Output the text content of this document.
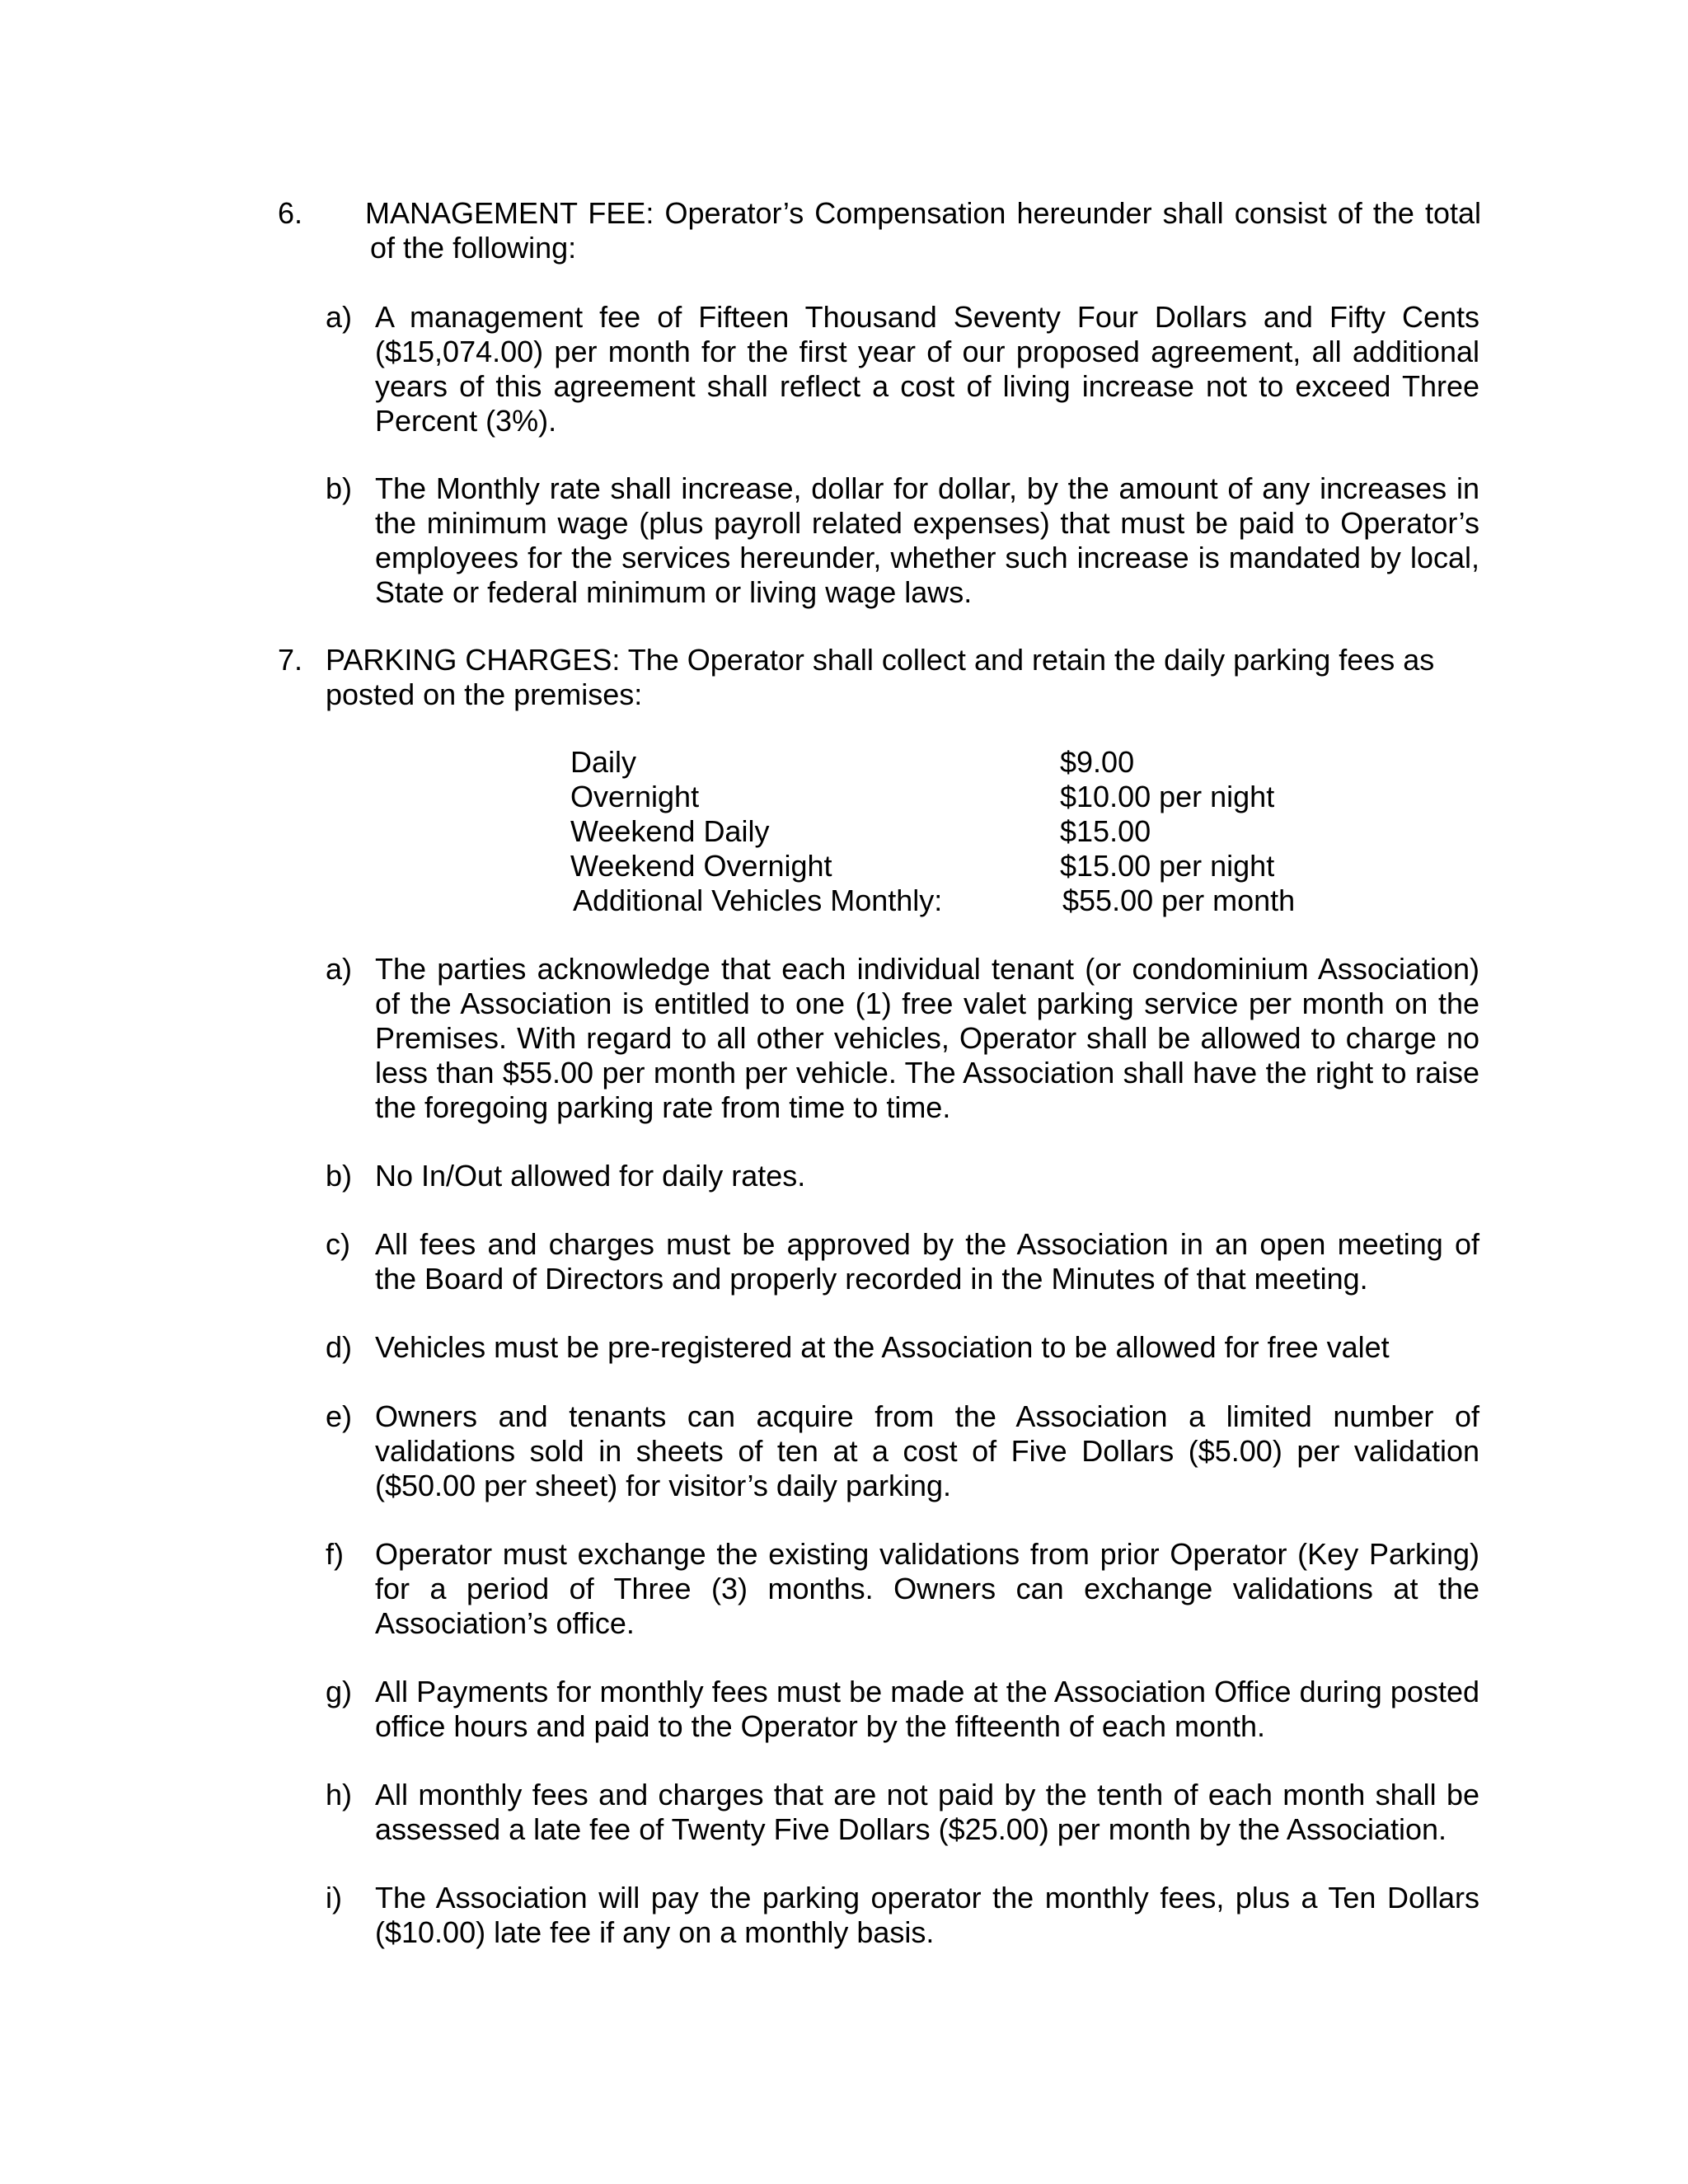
6. MANAGEMENT FEE: Operator’s Compensation hereunder shall consist of the total of the following:
a) A management fee of Fifteen Thousand Seventy Four Dollars and Fifty Cents ($15,074.00) per month for the first year of our proposed agreement, all additional years of this agreement shall reflect a cost of living increase not to exceed Three Percent (3%).
b) The Monthly rate shall increase, dollar for dollar, by the amount of any increases in the minimum wage (plus payroll related expenses) that must be paid to Operator’s employees for the services hereunder, whether such increase is mandated by local, State or federal minimum or living wage laws.
7. PARKING CHARGES: The Operator shall collect and retain the daily parking fees as posted on the premises:
Daily	$9.00
Overnight	$10.00 per night
Weekend Daily	$15.00
Weekend Overnight	$15.00 per night
Additional Vehicles Monthly:	$55.00 per month
a) The parties acknowledge that each individual tenant (or condominium Association) of the Association is entitled to one (1) free valet parking service per month on the Premises. With regard to all other vehicles, Operator shall be allowed to charge no less than $55.00 per month per vehicle. The Association shall have the right to raise the foregoing parking rate from time to time.
b) No In/Out allowed for daily rates.
c) All fees and charges must be approved by the Association in an open meeting of the Board of Directors and properly recorded in the Minutes of that meeting.
d) Vehicles must be pre-registered at the Association to be allowed for free valet
e) Owners and tenants can acquire from the Association a limited number of validations sold in sheets of ten at a cost of Five Dollars ($5.00) per validation ($50.00 per sheet) for visitor’s daily parking.
f) Operator must exchange the existing validations from prior Operator (Key Parking) for a period of Three (3) months. Owners can exchange validations at the Association’s office.
g) All Payments for monthly fees must be made at the Association Office during posted office hours and paid to the Operator by the fifteenth of each month.
h) All monthly fees and charges that are not paid by the tenth of each month shall be assessed a late fee of Twenty Five Dollars ($25.00) per month by the Association.
i) The Association will pay the parking operator the monthly fees, plus a Ten Dollars ($10.00) late fee if any on a monthly basis.
